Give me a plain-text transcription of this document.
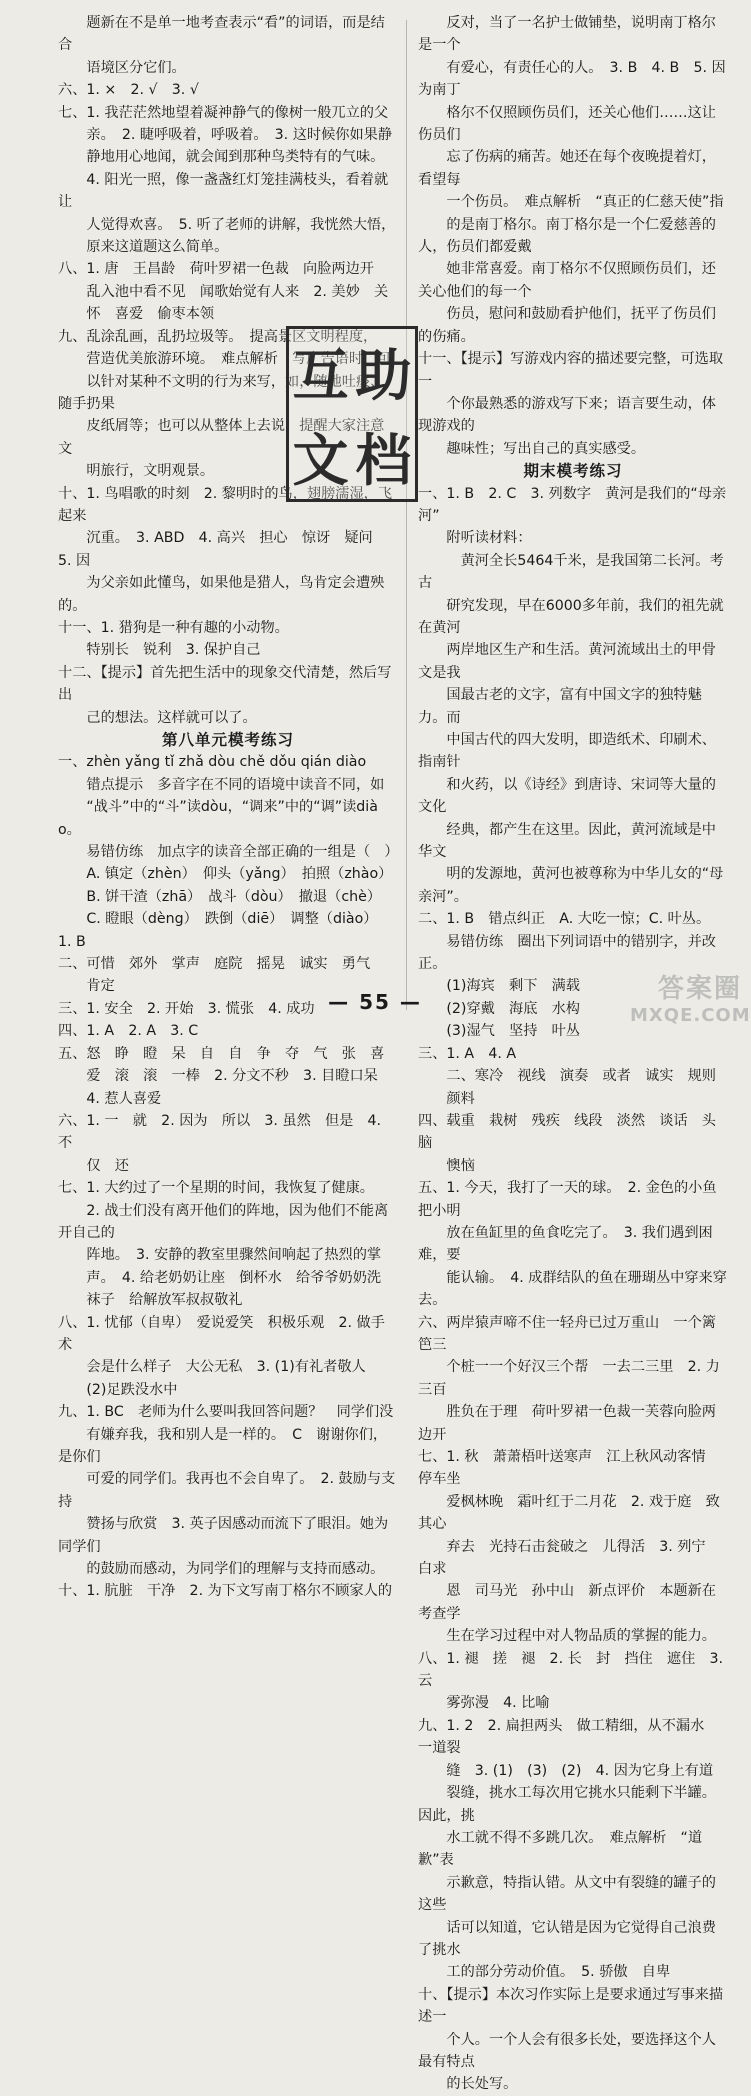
　　题新在不是单一地考查表示“看”的词语，而是结合

　　语境区分它们。

六、1. ×　2. √　3. √

七、1. 我茫茫然地望着凝神静气的像树一般兀立的父

　　亲。　2. 睫呼吸着，呼吸着。　3. 这时候你如果静

　　静地用心地闻，就会闻到那种鸟类特有的气味。

　　4. 阳光一照，像一盏盏红灯笼挂满枝头，看着就让

　　人觉得欢喜。　5. 听了老师的讲解，我恍然大悟，

　　原来这道题这么简单。

八、1. 唐　王昌龄　荷叶罗裙一色裁　向脸两边开

　　乱入池中看不见　闻歌始觉有人来　2. 美妙　关

　　怀　喜爱　偷枣本领

九、乱涂乱画，乱扔垃圾等。　提高景区文明程度，

　　营造优美旅游环境。　难点解析　写广告语时，可

　　以针对某种不文明的行为来写，如，随地吐痰、随手扔果

　　皮纸屑等；也可以从整体上去说，提醒大家注意文

　　明旅行，文明观景。

十、1. 鸟唱歌的时刻　2. 黎明时的鸟，翅膀濡湿，飞起来

　　沉重。　3. ABD　4. 高兴　担心　惊讶　疑问　5. 因

　　为父亲如此懂鸟，如果他是猎人，鸟肯定会遭殃的。

十一、1. 猎狗是一种有趣的小动物。

　　特别长　锐利　3. 保护自己

十二、【提示】首先把生活中的现象交代清楚，然后写出

　　己的想法。这样就可以了。

第八单元模考练习

一、zhèn yǎng tǐ zhǎ dòu chě dǒu qián diào

　　错点提示　多音字在不同的语境中读音不同，如

　　“战斗”中的“斗”读dòu，“调来”中的“调”读diào。

　　易错仿练　加点字的读音全部正确的一组是（　）

　　A. 镇定（zhèn）　仰头（yǎng）　拍照（zhào）

　　B. 饼干渣（zhā）　战斗（dòu）　撤退（chè）

　　C. 瞪眼（dèng）　跌倒（diē）　调整（diào）　1. B

二、可惜　郊外　掌声　庭院　摇晃　诚实　勇气

　　肯定

三、1. 安全　2. 开始　3. 慌张　4. 成功

四、1. A　2. A　3. C

五、怒　睁　瞪　呆　自　自　争　夺　气　张　喜

　　爱　滚　滚　一棒　2. 分文不秒　3. 目瞪口呆

　　4. 惹人喜爱

六、1. 一　就　2. 因为　所以　3. 虽然　但是　4. 不

　　仅　还

七、1. 大约过了一个星期的时间，我恢复了健康。

　　2. 战士们没有离开他们的阵地，因为他们不能离开自己的

　　阵地。　3. 安静的教室里骤然间响起了热烈的掌

　　声。　4. 给老奶奶让座　倒杯水　给爷爷奶奶洗

　　袜子　给解放军叔叔敬礼

八、1. 忧郁（自卑）　爱说爱笑　积极乐观　2. 做手术

　　会是什么样子　大公无私　3. (1)有礼者敬人

　　(2)足跌没水中

九、1. BC　老师为什么要叫我回答问题？　同学们没

　　有嫌弃我，我和别人是一样的。　C　谢谢你们，是你们

　　可爱的同学们。我再也不会自卑了。　2. 鼓励与支持

　　赞扬与欣赏　3. 英子因感动而流下了眼泪。她为同学们

　　的鼓励而感动，为同学们的理解与支持而感动。

十、1. 肮脏　干净　2. 为下文写南丁格尔不顾家人的

　　反对，当了一名护士做铺垫，说明南丁格尔是一个

　　有爱心，有责任心的人。　3. B　4. B　5. 因为南丁

　　格尔不仅照顾伤员们，还关心他们……这让伤员们

　　忘了伤病的痛苦。她还在每个夜晚提着灯，看望每

　　一个伤员。　难点解析　“真正的仁慈天使”指

　　的是南丁格尔。南丁格尔是一个仁爱慈善的人，伤员们都爱戴

　　她非常喜爱。南丁格尔不仅照顾伤员们，还关心他们的每一个

　　伤员，慰问和鼓励看护他们，抚平了伤员们的伤痛。

十一、【提示】写游戏内容的描述要完整，可选取一

　　个你最熟悉的游戏写下来；语言要生动，体现游戏的

　　趣味性；写出自己的真实感受。

期末模考练习

一、1. B　2. C　3. 列数字　黄河是我们的“母亲河”

　　附听读材料：

　　　黄河全长5464千米，是我国第二长河。考古

　　研究发现，早在6000多年前，我们的祖先就在黄河

　　两岸地区生产和生活。黄河流域出土的甲骨文是我

　　国最古老的文字，富有中国文字的独特魅力。而

　　中国古代的四大发明，即造纸术、印刷术、指南针

　　和火药，以《诗经》到唐诗、宋词等大量的文化

　　经典，都产生在这里。因此，黄河流域是中华文

　　明的发源地，黄河也被尊称为中华儿女的“母亲河”。

二、1. B　错点纠正　A. 大吃一惊；C. 叶丛。

　　易错仿练　圈出下列词语中的错别字，并改正。

　　(1)海宾　剩下　满载

　　(2)穿戴　海底　水构

　　(3)湿气　坚持　叶丛

三、1. A　4. A

　　二、寒冷　视线　演奏　或者　诚实　规则

　　颜料

四、载重　栽树　残疾　线段　淡然　谈话　头脑

　　懊恼

五、1. 今天，我打了一天的球。　2. 金色的小鱼把小明

　　放在鱼缸里的鱼食吃完了。　3. 我们遇到困难，要

　　能认输。　4. 成群结队的鱼在珊瑚丛中穿来穿去。

六、两岸猿声啼不住一轻舟已过万重山　一个篱笆三

　　个桩一一个好汉三个帮　一去二三里　2. 力三百

　　胜负在于理　荷叶罗裙一色裁一芙蓉向脸两边开

七、1. 秋　萧萧梧叶送寒声　江上秋风动客情　停车坐

　　爱枫林晚　霜叶红于二月花　2. 戏于庭　致其心

　　弃去　光持石击瓮破之　儿得活　3. 列宁　白求

　　恩　司马光　孙中山　新点评价　本题新在考查学

　　生在学习过程中对人物品质的掌握的能力。

八、1. 褪　搓　褪　2. 长　封　挡住　遮住　3. 云

　　雾弥漫　4. 比喻

九、1. 2　2. 扁担两头　做工精细，从不漏水　一道裂

　　缝　3. (1)　(3)　(2)　4. 因为它身上有道

　　裂缝，挑水工每次用它挑水只能剩下半罐。因此，挑

　　水工就不得不多跳几次。　难点解析　“道歉”表

　　示歉意，特指认错。从文中有裂缝的罐子的这些

　　话可以知道，它认错是因为它觉得自己浪费了挑水

　　工的部分劳动价值。　5. 骄傲　自卑

十、【提示】本次习作实际上是要求通过写事来描述一

　　个人。一个人会有很多长处，要选择这个人最有特点

　　的长处写。

互 助
文 档
— 55 —	答案圈
MXQE.COM
